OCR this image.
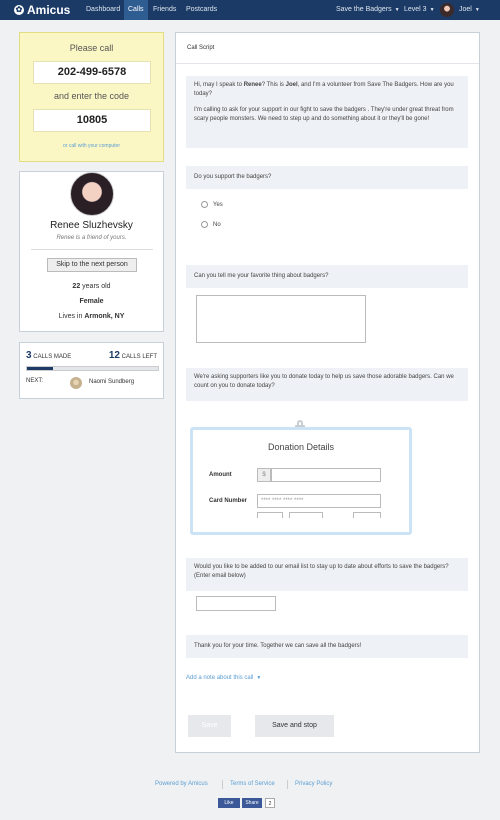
✿ Amicus	Dashboard	Calls	Friends	Postcards	Save the Badgers ▼ Level 3 ▼	Joel ▼
Please call
202-499-6578
and enter the code
10805
or call with your computer
Renee Sluzhevsky
Renee is a friend of yours.
Skip to the next person
22 years old
Female
Lives in Armonk, NY
3 CALLS MADE	12 CALLS LEFT
NEXT:	Naomi Sundberg
Call Script
Hi, may I speak to Renee? This is Joel, and I'm a volunteer from Save The Badgers. How are you today?
I'm calling to ask for your support in our fight to save the badgers . They're under great threat from scary people monsters. We need to step up and do something about it or they'll be gone!
Do you support the badgers?
Yes
No
Can you tell me your favorite thing about badgers?
We're asking supporters like you to donate today to help us save those adorable badgers. Can we count on you to donate today?
Donation Details
Amount	$
Card Number	**** **** **** ****
Would you like to be added to our email list to stay up to date about efforts to save the badgers? (Enter email below)
Thank you for your time. Together we can save all the badgers!
Add a note about this call ▼
Save	Save and stop
Powered by Amicus	Terms of Service	Privacy Policy
Like	Share	2
